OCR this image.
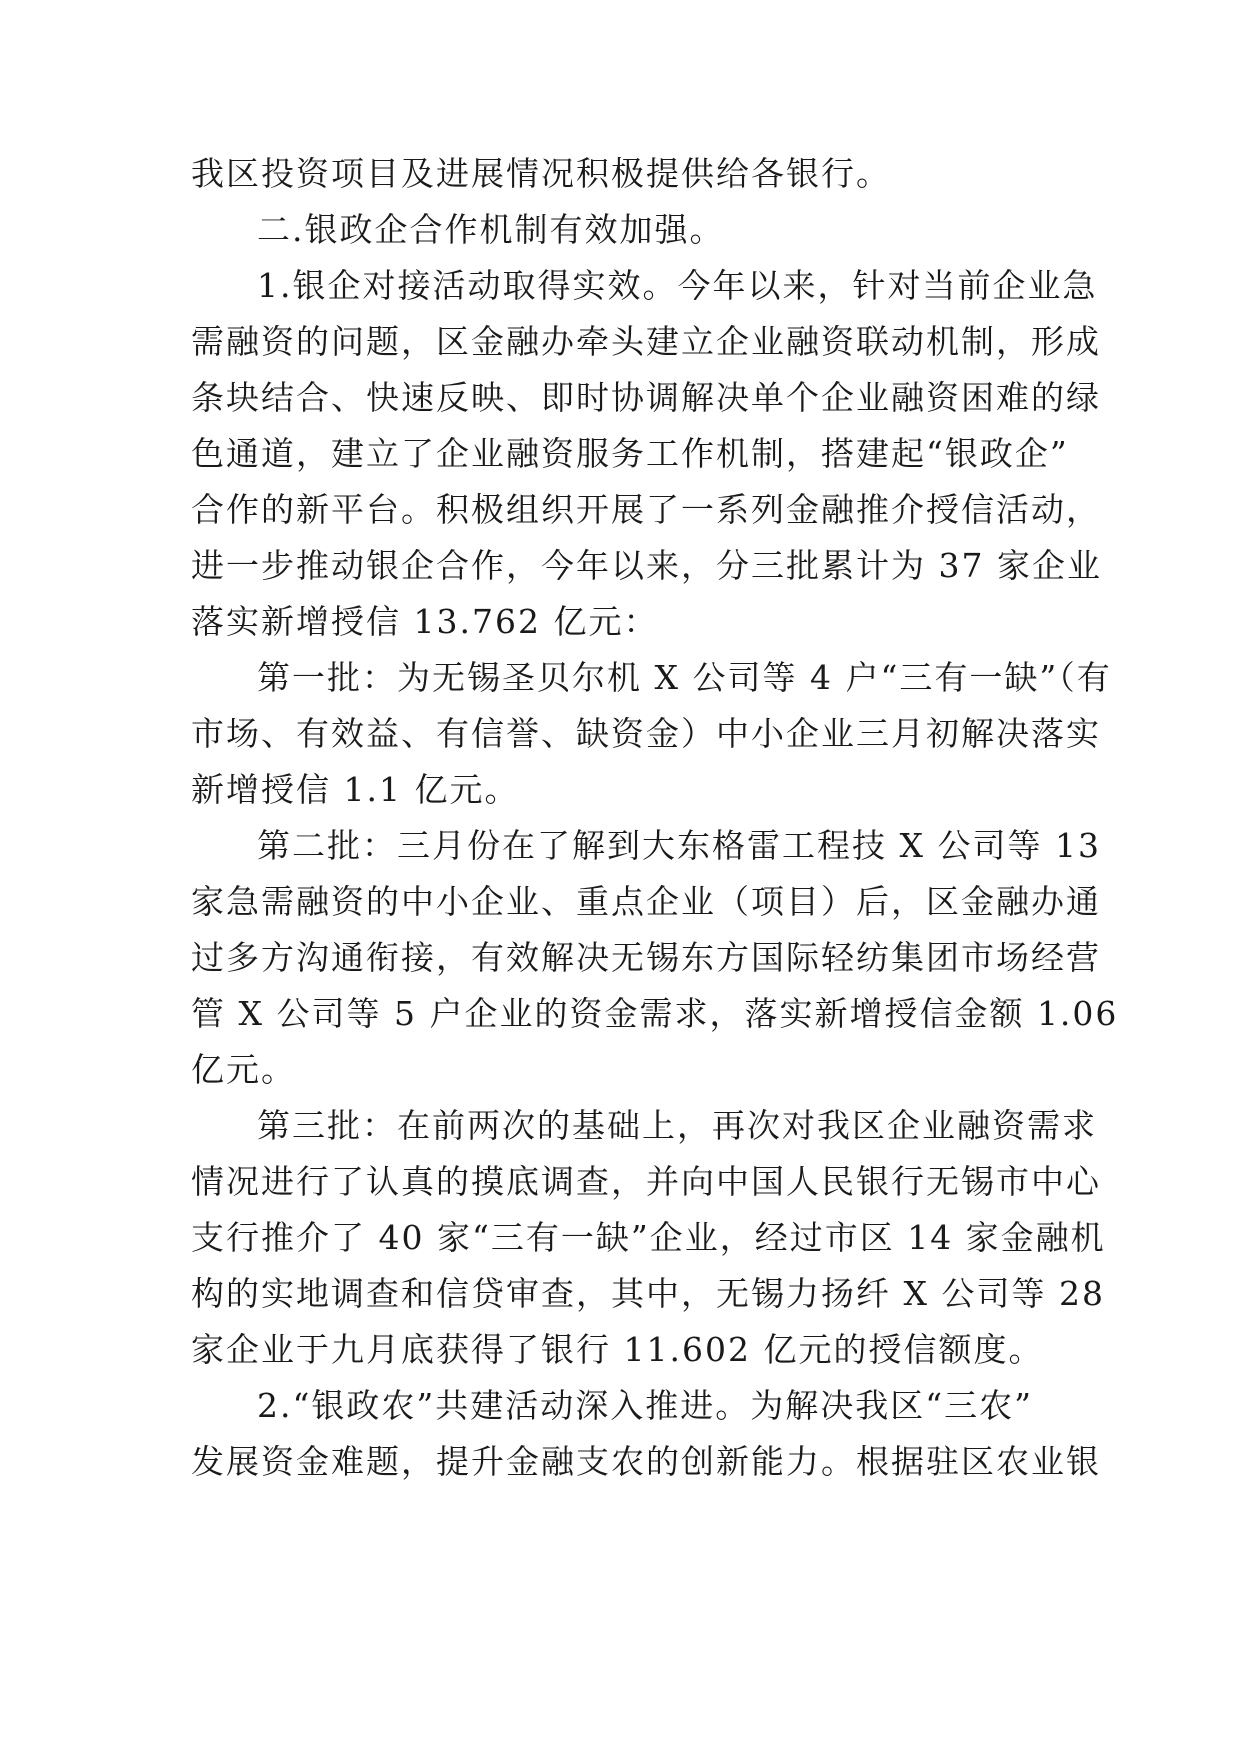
我区投资项目及进展情况积极提供给各银行。
二.银政企合作机制有效加强。
1.银企对接活动取得实效。今年以来，针对当前企业急
需融资的问题，区金融办牵头建立企业融资联动机制，形成
条块结合、快速反映、即时协调解决单个企业融资困难的绿
色通道，建立了企业融资服务工作机制，搭建起“银政企”
合作的新平台。积极组织开展了一系列金融推介授信活动，
进一步推动银企合作，今年以来，分三批累计为 37 家企业
落实新增授信 13.762 亿元：
第一批：为无锡圣贝尔机 X 公司等 4 户“三有一缺”（有
市场、有效益、有信誉、缺资金）中小企业三月初解决落实
新增授信 1.1 亿元。
第二批：三月份在了解到大东格雷工程技 X 公司等 13
家急需融资的中小企业、重点企业（项目）后，区金融办通
过多方沟通衔接，有效解决无锡东方国际轻纺集团市场经营
管 X 公司等 5 户企业的资金需求，落实新增授信金额 1.06
亿元。
第三批：在前两次的基础上，再次对我区企业融资需求
情况进行了认真的摸底调查，并向中国人民银行无锡市中心
支行推介了 40 家“三有一缺”企业，经过市区 14 家金融机
构的实地调查和信贷审查，其中，无锡力扬纤 X 公司等 28
家企业于九月底获得了银行 11.602 亿元的授信额度。
2.“银政农”共建活动深入推进。为解决我区“三农”
发展资金难题，提升金融支农的创新能力。根据驻区农业银
